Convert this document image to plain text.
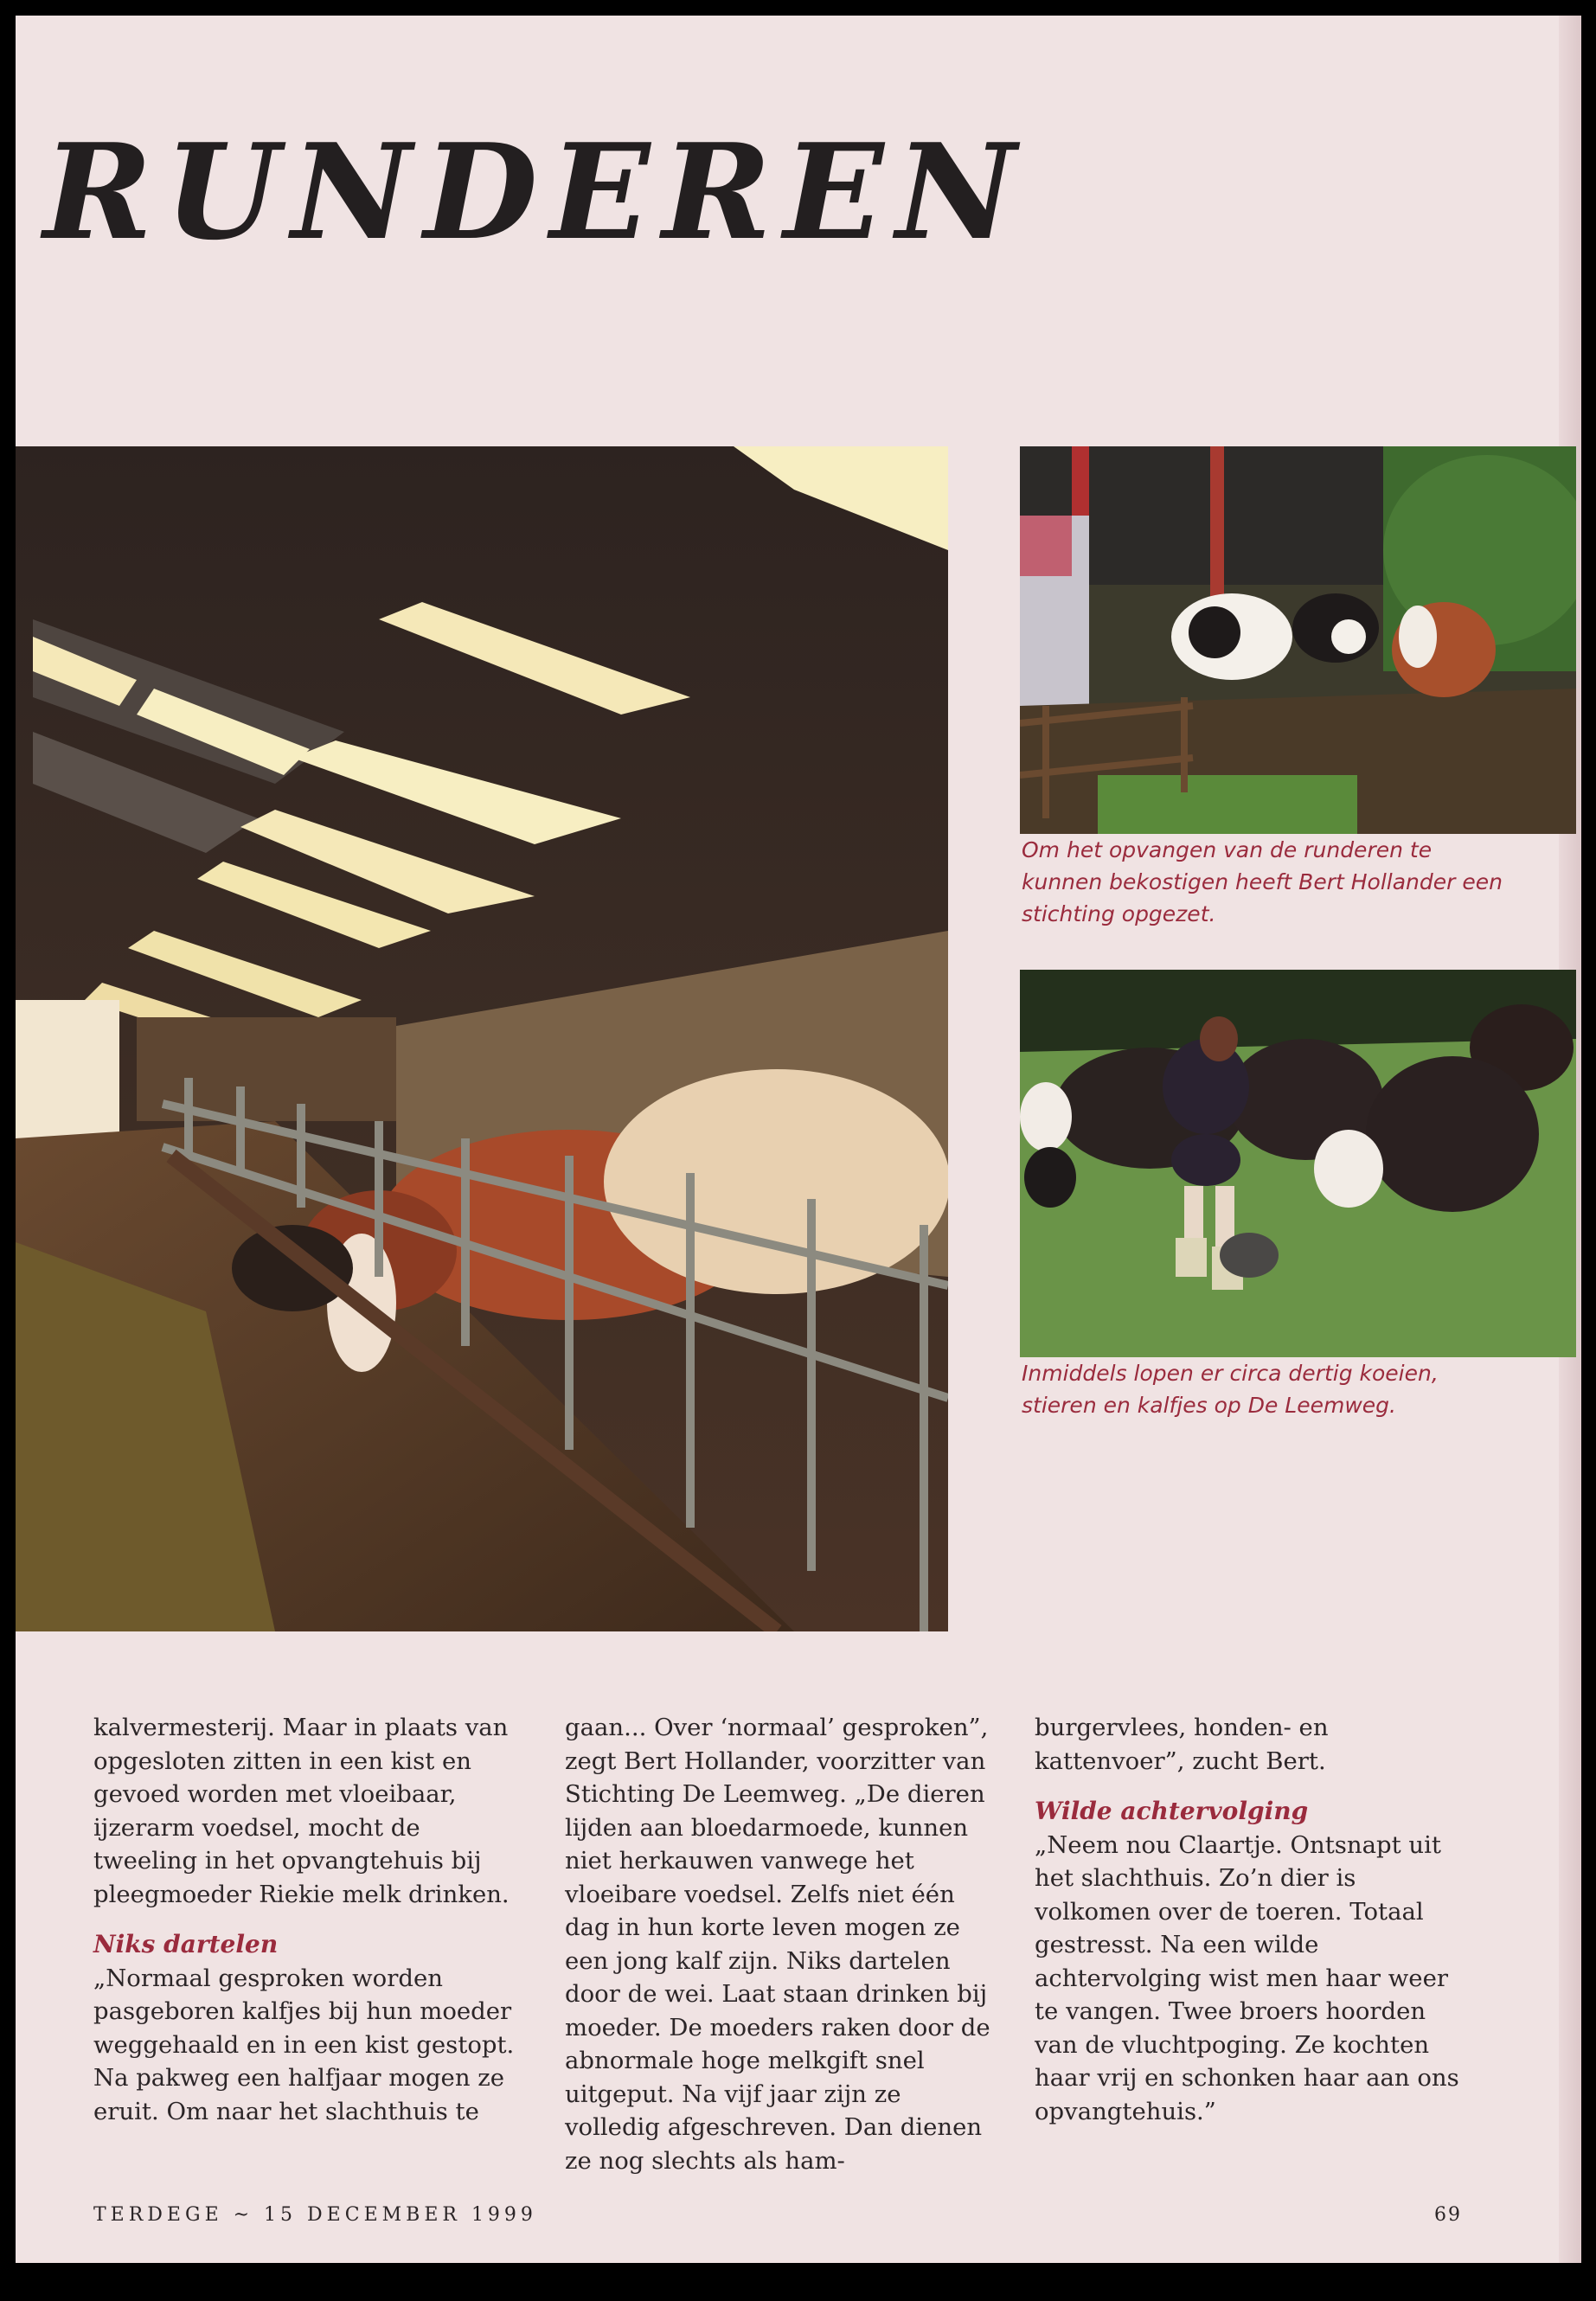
RUNDEREN

Om het opvangen van de runderen te kunnen bekostigen heeft Bert Hollander een stichting opgezet.

Inmiddels lopen er circa dertig koeien, stieren en kalfjes op De Leemweg.

kalvermesterij. Maar in plaats van opgesloten zitten in een kist en gevoed worden met vloeibaar, ijzerarm voedsel, mocht de tweeling in het opvangtehuis bij pleegmoeder Riekie melk drinken.

Niks dartelen

„Normaal gesproken worden pasgeboren kalfjes bij hun moeder weggehaald en in een kist gestopt. Na pakweg een halfjaar mogen ze eruit. Om naar het slachthuis te

gaan... Over ‘normaal’ gesproken”, zegt Bert Hollander, voorzitter van Stichting De Leemweg. „De dieren lijden aan bloedarmoede, kunnen niet herkauwen vanwege het vloeibare voedsel. Zelfs niet één dag in hun korte leven mogen ze een jong kalf zijn. Niks dartelen door de wei. Laat staan drinken bij moeder. De moeders raken door de abnormale hoge melkgift snel uitgeput. Na vijf jaar zijn ze volledig afgeschreven. Dan dienen ze nog slechts als ham-

burgervlees, honden- en kattenvoer”, zucht Bert.

Wilde achtervolging

„Neem nou Claartje. Ontsnapt uit het slachthuis. Zo’n dier is volkomen over de toeren. Totaal gestresst. Na een wilde achtervolging wist men haar weer te vangen. Twee broers hoorden van de vluchtpoging. Ze kochten haar vrij en schonken haar aan ons opvangtehuis.”

TERDEGE ~ 15 DECEMBER 1999	69
